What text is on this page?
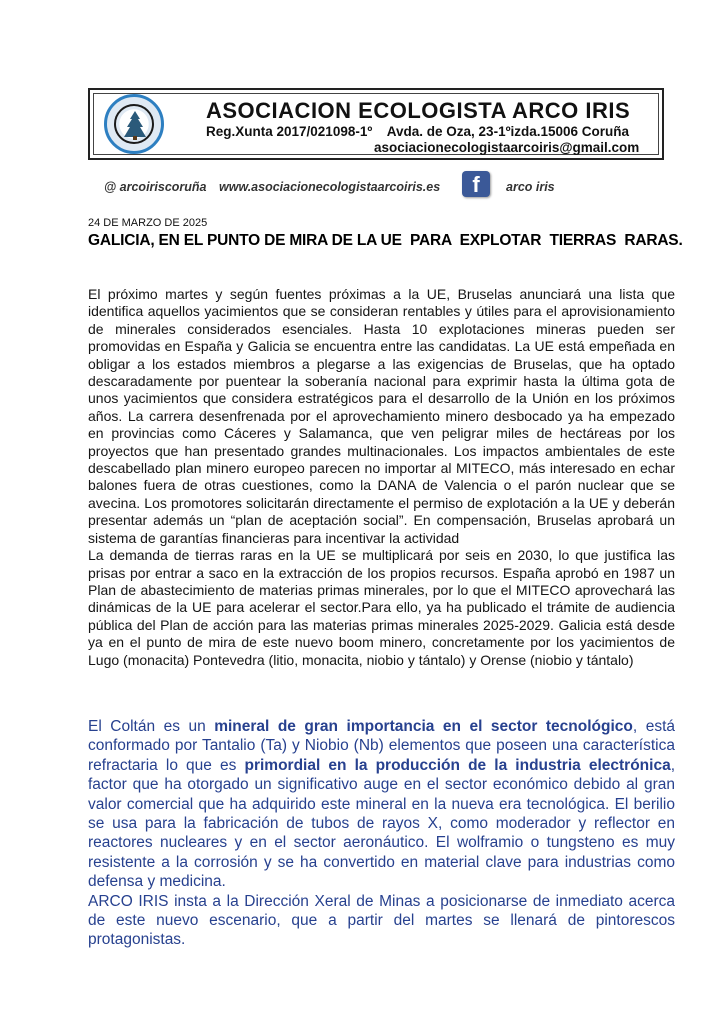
ASOCIACION ECOLOGISTA ARCO IRIS
Reg.Xunta 2017/021098-1º    Avda. de Oza, 23-1ºizda.15006 Coruña
asociacionecologistaarcoiris@gmail.com
@ arcoiriscoruña www.asociacionecologistaarcoiris.es	f	arco iris
24 DE MARZO DE 2025
GALICIA, EN EL PUNTO DE MIRA DE LA UE  PARA  EXPLOTAR  TIERRAS  RARAS.

El próximo martes y según fuentes próximas a la UE, Bruselas anunciará una lista que identifica aquellos yacimientos que se consideran rentables y útiles para el aprovisionamiento de minerales considerados esenciales. Hasta 10 explotaciones mineras pueden ser promovidas en España y Galicia se encuentra entre las candidatas. La UE está empeñada en obligar a los estados miembros a plegarse a las exigencias de Bruselas, que ha optado descaradamente por puentear la soberanía nacional para exprimir hasta la última gota de unos yacimientos que considera estratégicos para el desarrollo de la Unión en los próximos años. La carrera desenfrenada por el aprovechamiento minero desbocado ya ha empezado en provincias como Cáceres y Salamanca, que ven peligrar miles de hectáreas por los proyectos que han presentado grandes multinacionales. Los impactos ambientales de este descabellado plan minero europeo parecen no importar al MITECO, más interesado en echar balones fuera de otras cuestiones, como la DANA de Valencia o el parón nuclear que se avecina. Los promotores solicitarán directamente el permiso de explotación a la UE y deberán presentar además un “plan de aceptación social”. En compensación, Bruselas aprobará un sistema de garantías financieras para incentivar la actividad

La demanda de tierras raras en la UE se multiplicará por seis en 2030, lo que justifica las prisas por entrar a saco en la extracción de los propios recursos. España aprobó en 1987 un Plan de abastecimiento de materias primas minerales, por lo que el MITECO aprovechará las dinámicas de la UE para acelerar el sector.Para ello, ya ha publicado el trámite de audiencia pública del Plan de acción para las materias primas minerales 2025-2029. Galicia está desde ya en el punto de mira de este nuevo boom minero, concretamente por los yacimientos de Lugo (monacita) Pontevedra (litio, monacita, niobio y tántalo) y Orense (niobio y tántalo)

El Coltán es un mineral de gran importancia en el sector tecnológico, está conformado por Tantalio (Ta) y Niobio (Nb) elementos que poseen una característica refractaria lo que es primordial en la producción de la industria electrónica, factor que ha otorgado un significativo auge en el sector económico debido al gran valor comercial que ha adquirido este mineral en la nueva era tecnológica. El berilio se usa para la fabricación de tubos de rayos X, como moderador y reflector en reactores nucleares y en el sector aeronáutico. El wolframio o tungsteno es muy resistente a la corrosión y se ha convertido en material clave para industrias como defensa y medicina.

ARCO IRIS insta a la Dirección Xeral de Minas a posicionarse de inmediato acerca de este nuevo escenario, que a partir del martes se llenará de pintorescos protagonistas.
